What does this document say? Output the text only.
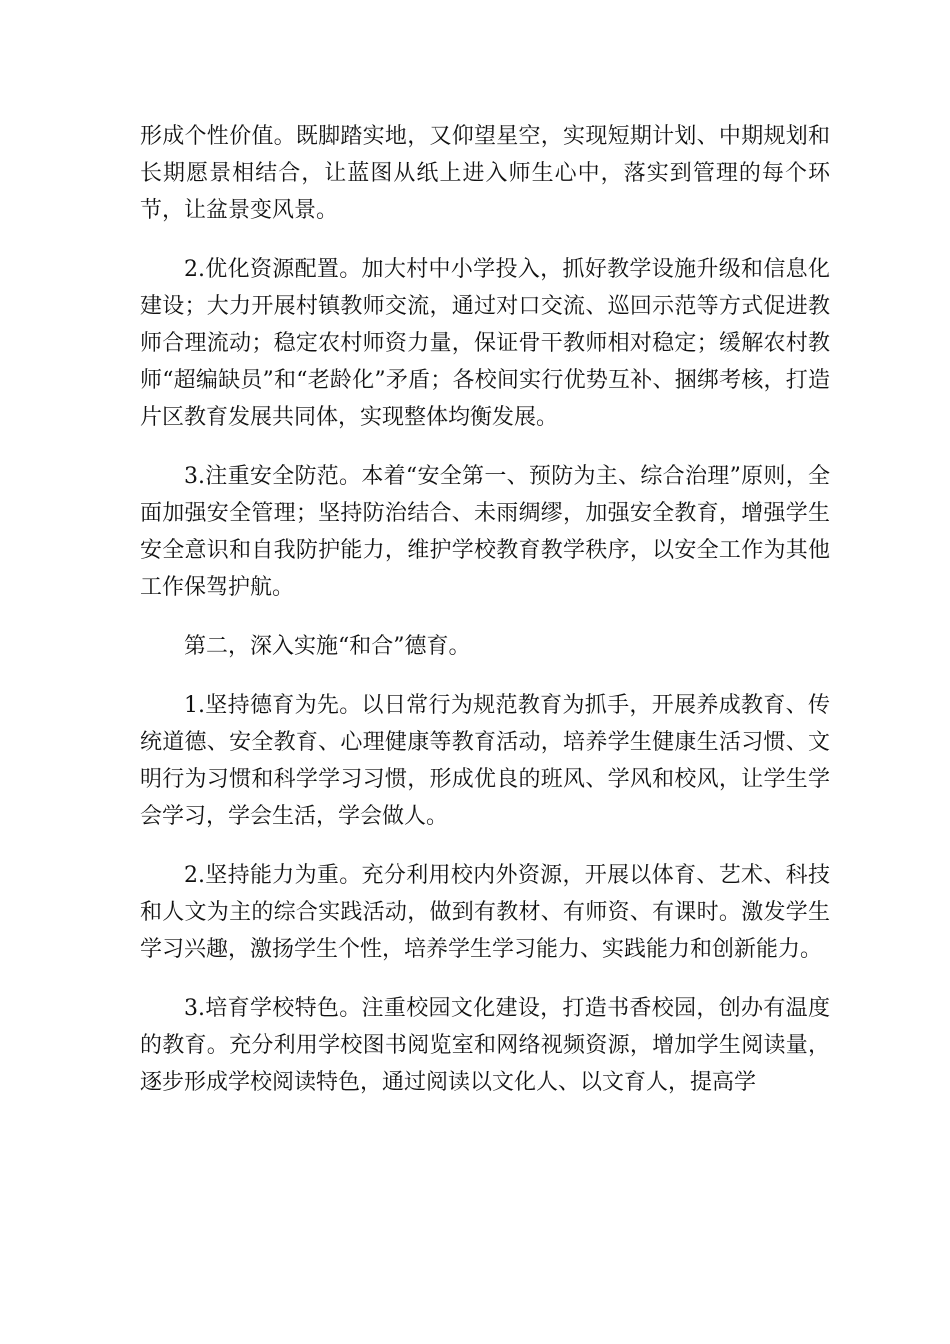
形成个性价值。既脚踏实地，又仰望星空，实现短期计划、中期规划和长期愿景相结合，让蓝图从纸上进入师生心中，落实到管理的每个环节，让盆景变风景。

2.优化资源配置。加大村中小学投入，抓好教学设施升级和信息化建设；大力开展村镇教师交流，通过对口交流、巡回示范等方式促进教师合理流动；稳定农村师资力量，保证骨干教师相对稳定；缓解农村教师“超编缺员”和“老龄化”矛盾；各校间实行优势互补、捆绑考核，打造片区教育发展共同体，实现整体均衡发展。

3.注重安全防范。本着“安全第一、预防为主、综合治理”原则，全面加强安全管理；坚持防治结合、未雨绸缪，加强安全教育，增强学生安全意识和自我防护能力，维护学校教育教学秩序，以安全工作为其他工作保驾护航。

第二，深入实施“和合”德育。

1.坚持德育为先。以日常行为规范教育为抓手，开展养成教育、传统道德、安全教育、心理健康等教育活动，培养学生健康生活习惯、文明行为习惯和科学学习习惯，形成优良的班风、学风和校风，让学生学会学习，学会生活，学会做人。

2.坚持能力为重。充分利用校内外资源，开展以体育、艺术、科技和人文为主的综合实践活动，做到有教材、有师资、有课时。激发学生学习兴趣，激扬学生个性，培养学生学习能力、实践能力和创新能力。

3.培育学校特色。注重校园文化建设，打造书香校园，创办有温度的教育。充分利用学校图书阅览室和网络视频资源，增加学生阅读量，逐步形成学校阅读特色，通过阅读以文化人、以文育人，提高学
